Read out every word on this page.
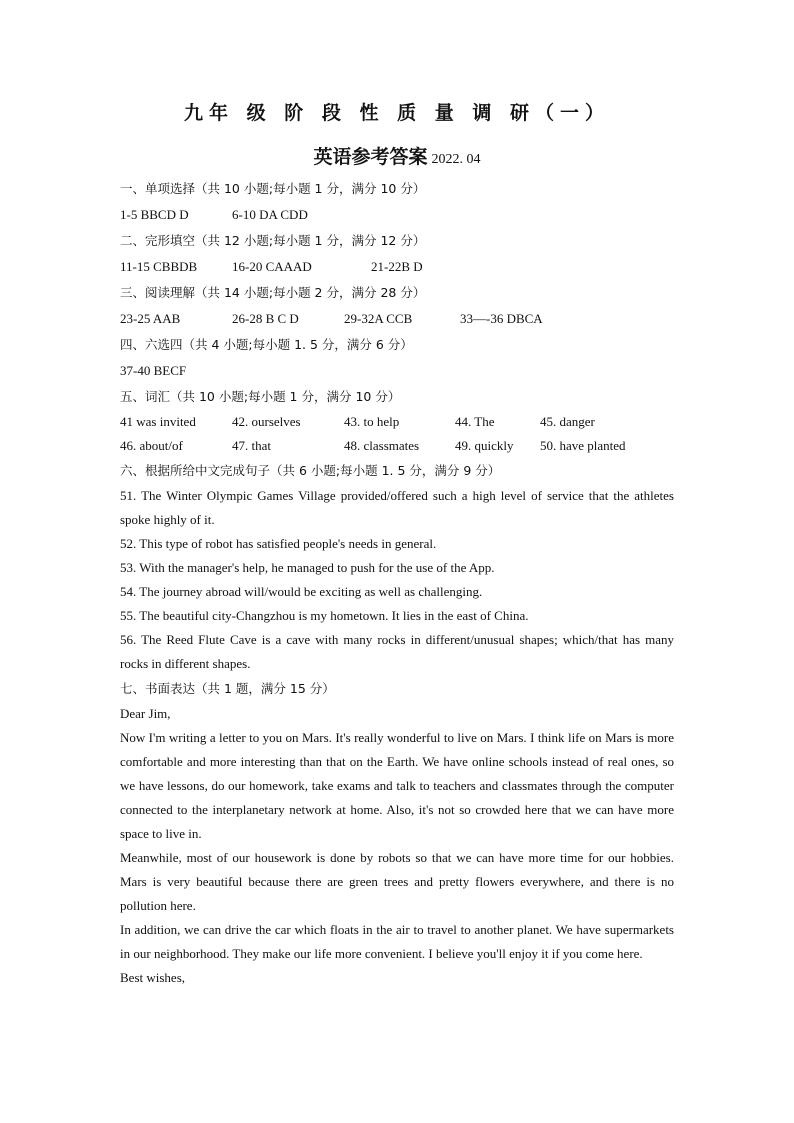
九年 级 阶 段 性 质 量 调 研（一）
英语参考答案 2022. 04
一、单项选择（共 10 小题;每小题 1 分，满分 10 分）
1-5 BBCD D	6-10 DA CDD
二、完形填空（共 12 小题;每小题 1 分，满分 12 分）
11-15 CBBDB	16-20 CAAAD	21-22B D
三、阅读理解（共 14 小题;每小题 2 分，满分 28 分）
23-25 AAB	26-28 B C D	29-32A CCB	33—-36 DBCA
四、六选四（共 4 小题;每小题 1. 5 分，满分 6 分）
37-40 BECF
五、词汇（共 10 小题;每小题 1 分，满分 10 分）
41 was invited	42. ourselves	43. to help	44. The	45. danger
46. about/of	47. that	48. classmates	49. quickly 50. have planted
六、根据所给中文完成句子（共 6 小题;每小题 1. 5 分，满分 9 分）
51. The Winter Olympic Games Village provided/offered such a high level of service that the athletes spoke highly of it.
52. This type of robot has satisfied people's needs in general.
53. With the manager's help, he managed to push for the use of the App.
54. The journey abroad will/would be exciting as well as challenging.
55. The beautiful city-Changzhou is my hometown. It lies in the east of China.
56. The Reed Flute Cave is a cave with many rocks in different/unusual shapes; which/that has many rocks in different shapes.
七、书面表达（共 1 题，满分 15 分）
Dear Jim,
Now I'm writing a letter to you on Mars. It's really wonderful to live on Mars. I think life on Mars is more comfortable and more interesting than that on the Earth. We have online schools instead of real ones, so we have lessons, do our homework, take exams and talk to teachers and classmates through the computer connected to the interplanetary network at home. Also, it's not so crowded here that we can have more space to live in.
Meanwhile, most of our housework is done by robots so that we can have more time for our hobbies. Mars is very beautiful because there are green trees and pretty flowers everywhere, and there is no pollution here.
In addition, we can drive the car which floats in the air to travel to another planet. We have supermarkets in our neighborhood. They make our life more convenient. I believe you'll enjoy it if you come here.
Best wishes,
